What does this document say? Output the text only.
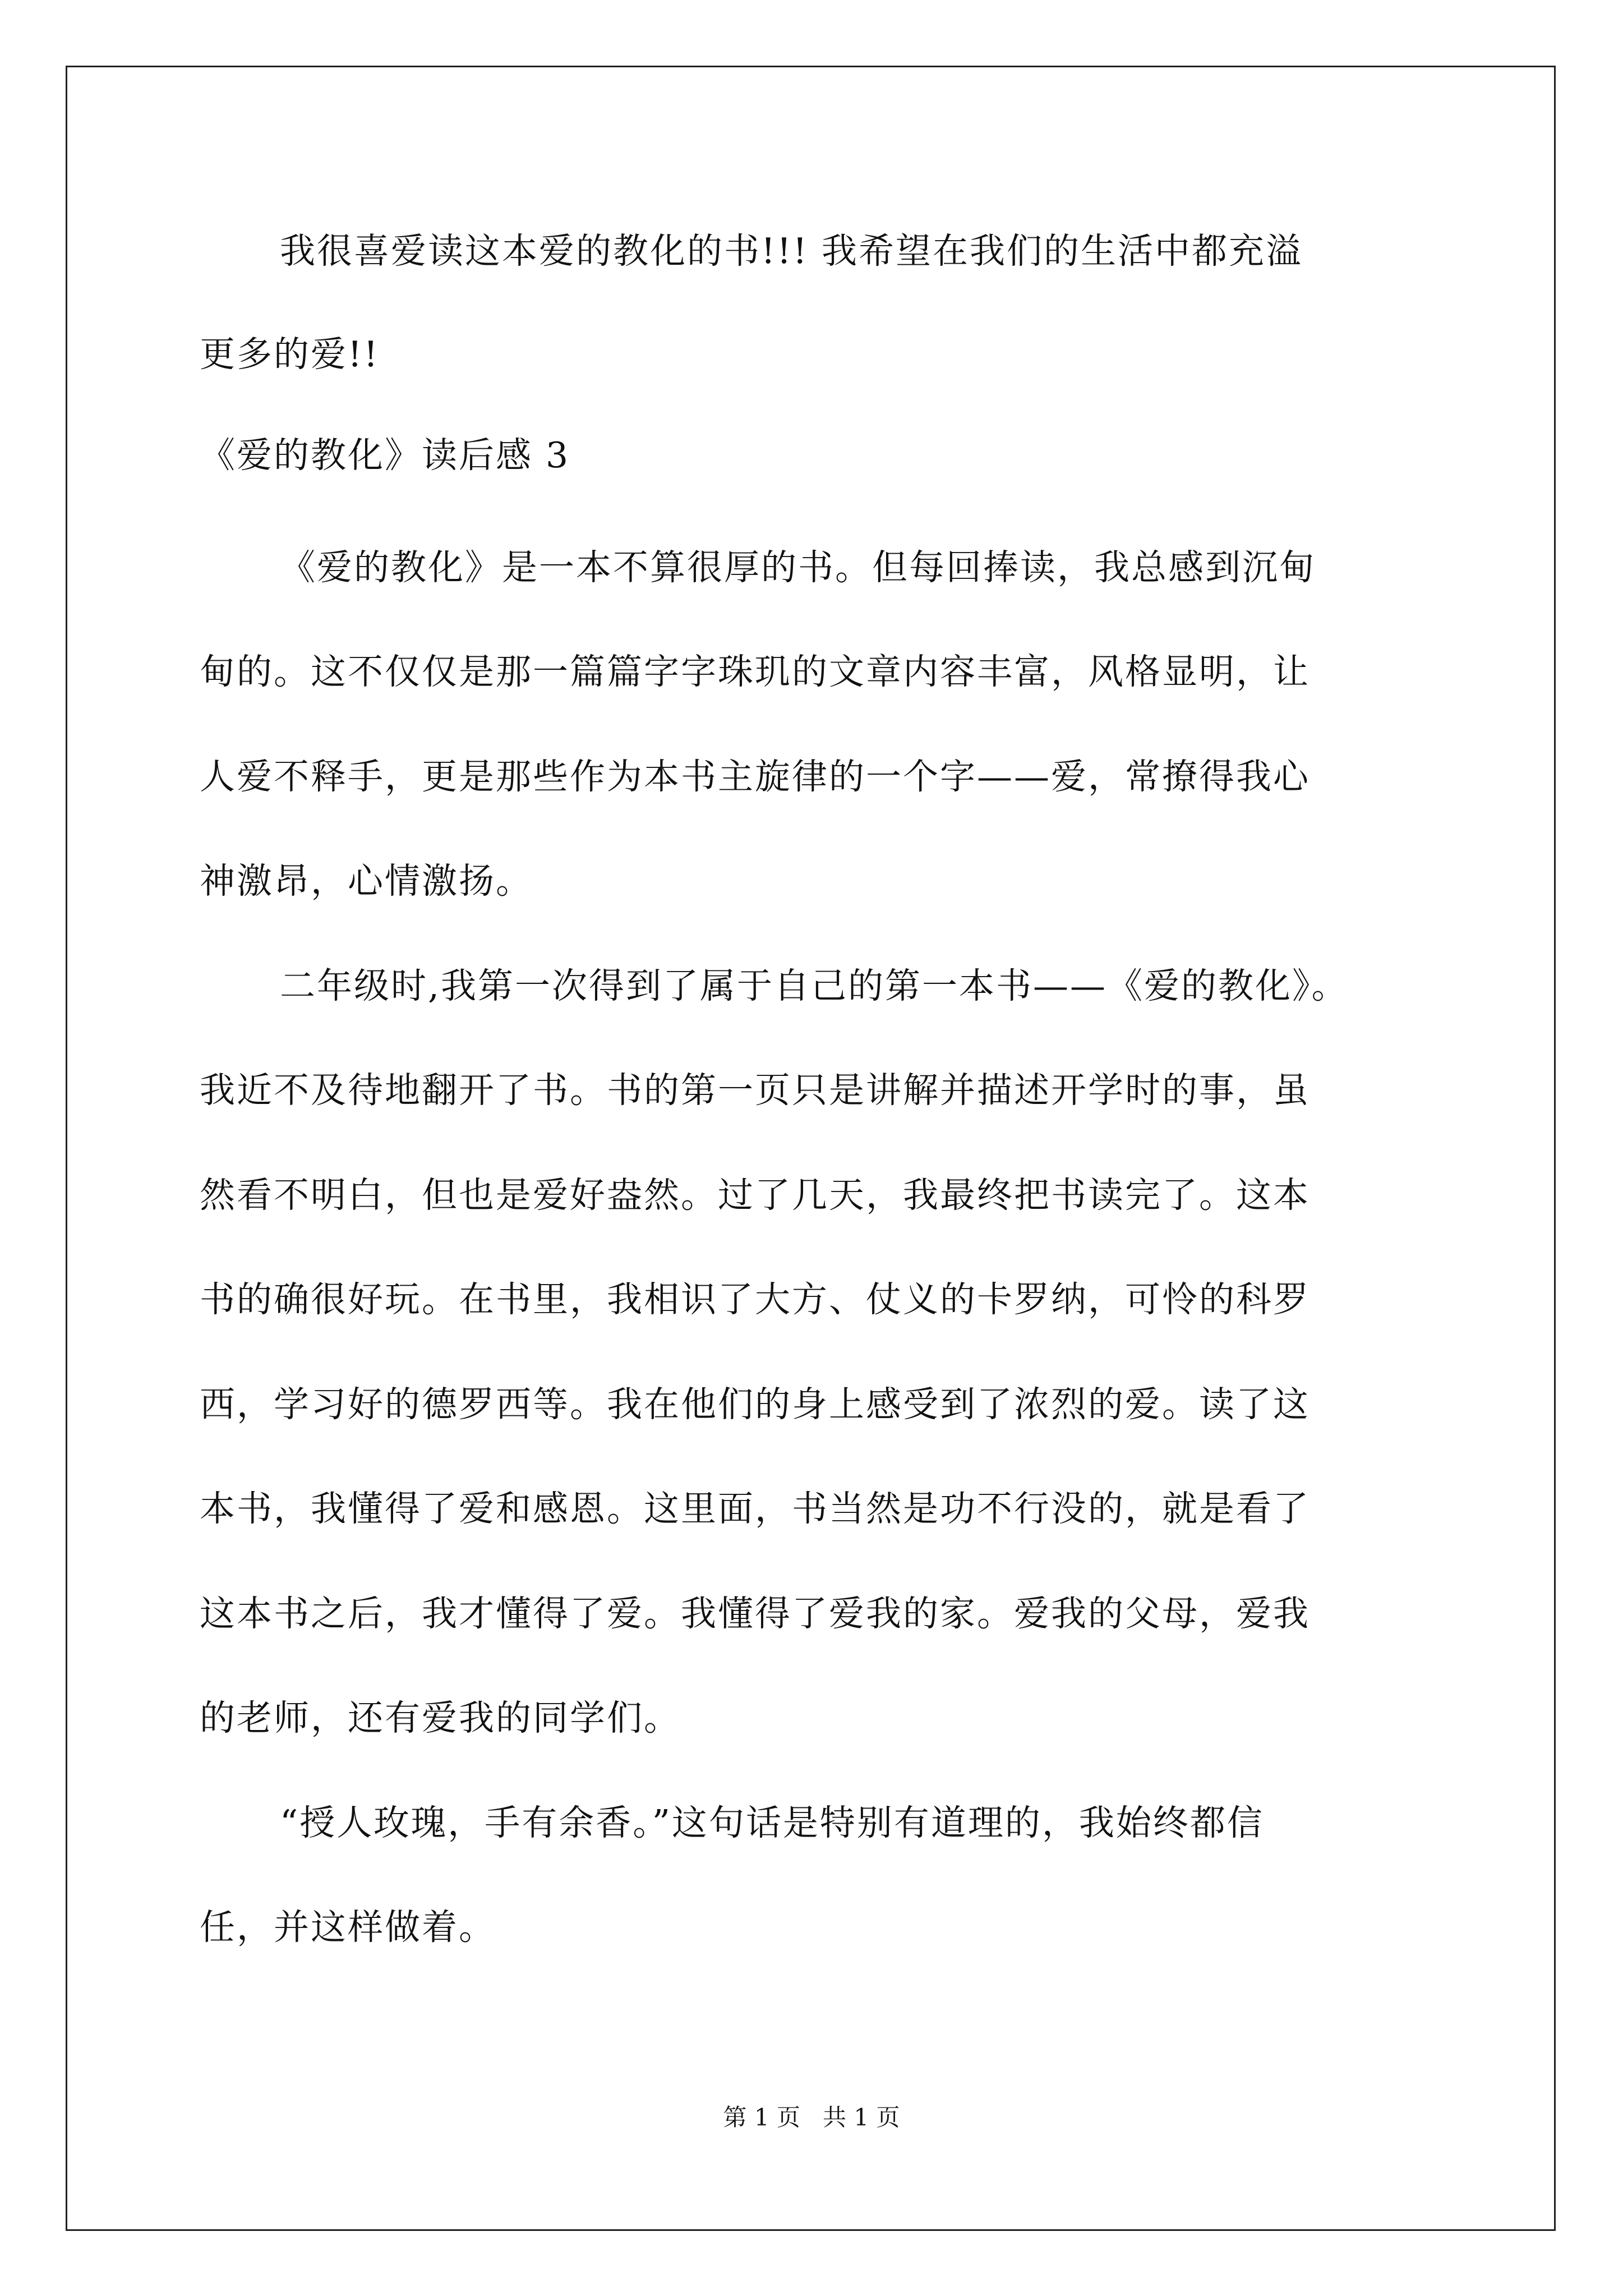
我很喜爱读这本爱的教化的书!!! 我希望在我们的生活中都充溢
更多的爱!!
《爱的教化》读后感 3
《爱的教化》是一本不算很厚的书。但每回捧读，我总感到沉甸
甸的。这不仅仅是那一篇篇字字珠玑的文章内容丰富，风格显明，让
人爱不释手，更是那些作为本书主旋律的一个字——爱，常撩得我心
神激昂，心情激扬。
二年级时,我第一次得到了属于自己的第一本书——《爱的教化》。
我近不及待地翻开了书。书的第一页只是讲解并描述开学时的事，虽
然看不明白，但也是爱好盎然。过了几天，我最终把书读完了。这本
书的确很好玩。在书里，我相识了大方、仗义的卡罗纳，可怜的科罗
西，学习好的德罗西等。我在他们的身上感受到了浓烈的爱。读了这
本书，我懂得了爱和感恩。这里面，书当然是功不行没的，就是看了
这本书之后，我才懂得了爱。我懂得了爱我的家。爱我的父母，爱我
的老师，还有爱我的同学们。
“授人玫瑰，手有余香。”这句话是特别有道理的，我始终都信
任，并这样做着。
第 1 页   共 1 页
